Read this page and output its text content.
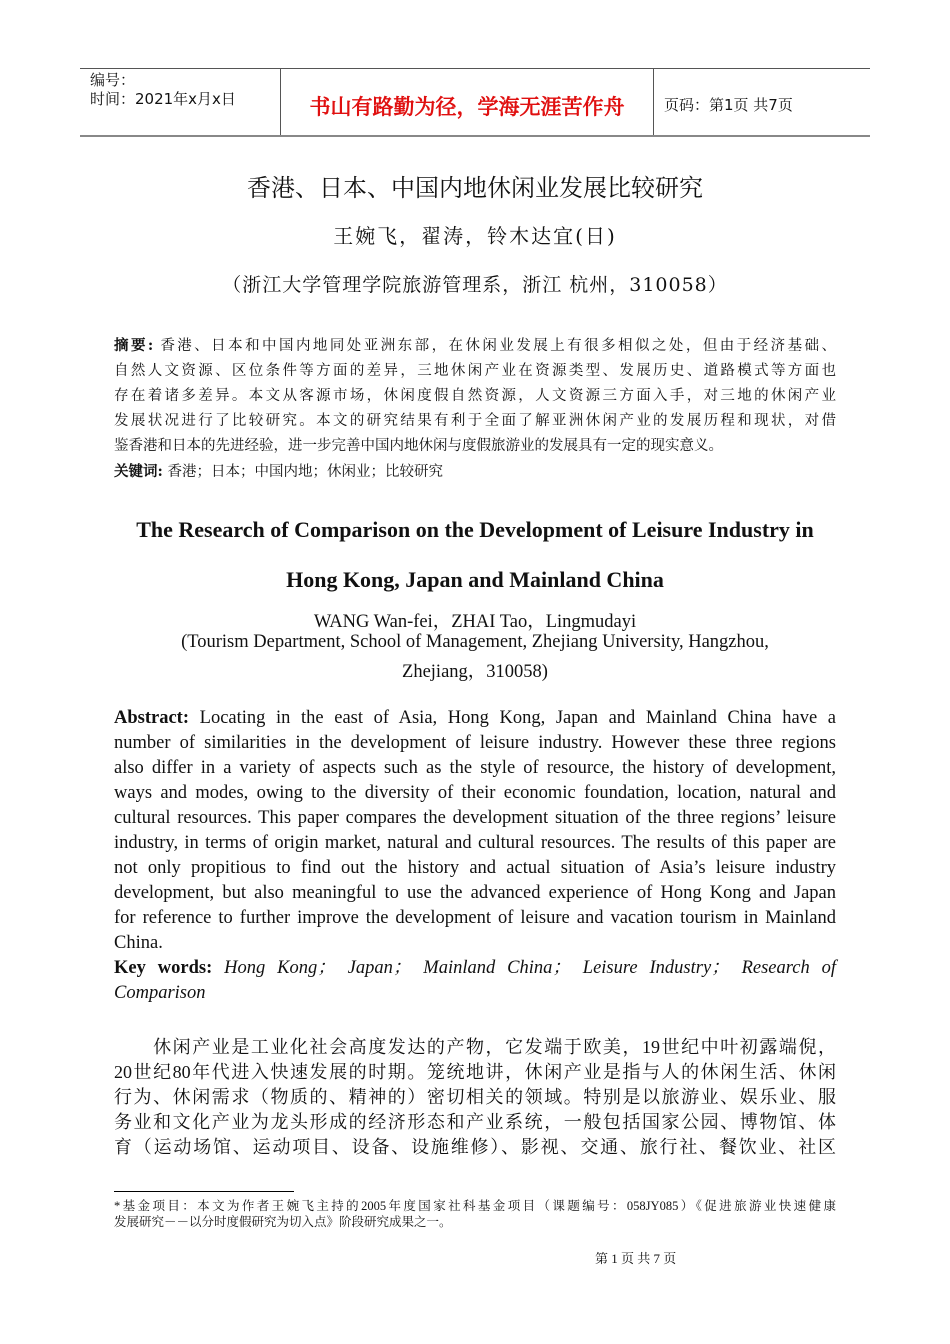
编号：
时间：2021年x月x日	书山有路勤为径，学海无涯苦作舟	页码：第1页 共7页
香港、日本、中国内地休闲业发展比较研究
王婉飞，翟涛，铃木达宜(日)
（浙江大学管理学院旅游管理系，浙江 杭州，310058）
摘要: 香港、日本和中国内地同处亚洲东部，在休闲业发展上有很多相似之处，但由于经济基础、
自然人文资源、区位条件等方面的差异，三地休闲产业在资源类型、发展历史、道路模式等方面也
存在着诸多差异。本文从客源市场，休闲度假自然资源，人文资源三方面入手，对三地的休闲产业
发展状况进行了比较研究。本文的研究结果有利于全面了解亚洲休闲产业的发展历程和现状，对借
鉴香港和日本的先进经验，进一步完善中国内地休闲与度假旅游业的发展具有一定的现实意义。
关键词: 香港；日本；中国内地；休闲业；比较研究
The Research of Comparison on the Development of Leisure Industry in
Hong Kong, Japan and Mainland China
WANG Wan-fei，ZHAI Tao，Lingmudayi
(Tourism Department, School of Management, Zhejiang University, Hangzhou,
Zhejiang，310058)
Abstract: Locating in the east of Asia, Hong Kong, Japan and Mainland China have a
number of similarities in the development of leisure industry. However these three regions
also differ in a variety of aspects such as the style of resource, the history of development,
ways and modes, owing to the diversity of their economic foundation, location, natural and
cultural resources. This paper compares the development situation of the three regions’ leisure
industry, in terms of origin market, natural and cultural resources. The results of this paper are
not only propitious to find out the history and actual situation of Asia’s leisure industry
development, but also meaningful to use the advanced experience of Hong Kong and Japan
for reference to further improve the development of leisure and vacation tourism in Mainland
China.
Key words: Hong Kong； Japan； Mainland China； Leisure Industry； Research of
Comparison
　　休闲产业是工业化社会高度发达的产物，它发端于欧美，19世纪中叶初露端倪，
20世纪80年代进入快速发展的时期。笼统地讲，休闲产业是指与人的休闲生活、休闲
行为、休闲需求（物质的、精神的）密切相关的领域。特别是以旅游业、娱乐业、服
务业和文化产业为龙头形成的经济形态和产业系统，一般包括国家公园、博物馆、体
育（运动场馆、运动项目、设备、设施维修）、影视、交通、旅行社、餐饮业、社区
*基金项目：本文为作者王婉飞主持的2005年度国家社科基金项目（课题编号：058JY085）《促进旅游业快速健康
发展研究－－以分时度假研究为切入点》阶段研究成果之一。
第 1 页 共 7 页
